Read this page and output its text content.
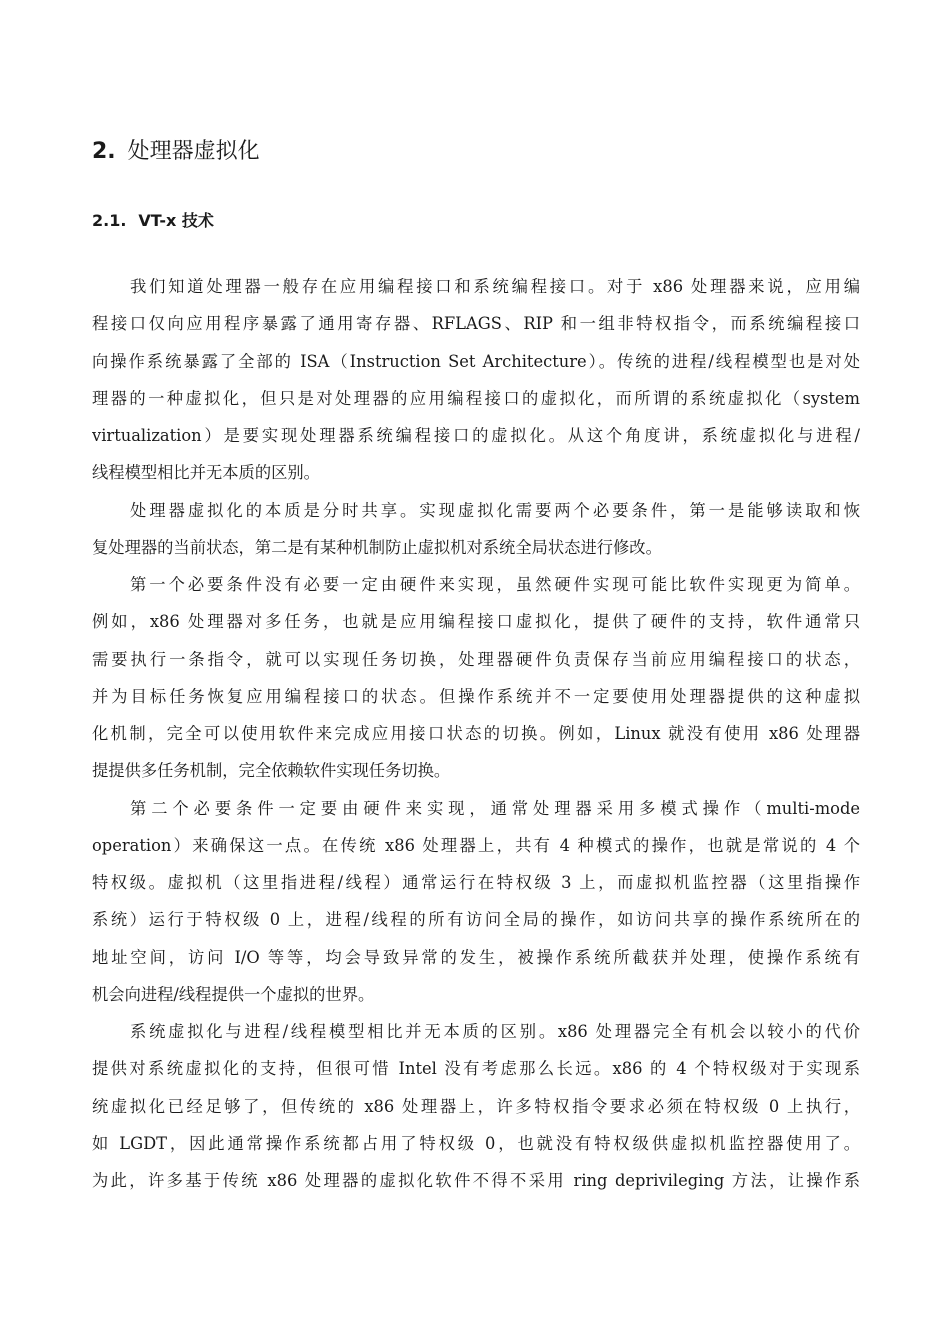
2. 处理器虚拟化
2.1. VT-x 技术
我们知道处理器一般存在应用编程接口和系统编程接口。对于 x86 处理器来说，应用编
程接口仅向应用程序暴露了通用寄存器、RFLAGS、RIP 和一组非特权指令，而系统编程接口
向操作系统暴露了全部的 ISA（Instruction Set Architecture）。传统的进程/线程模型也是对处
理器的一种虚拟化，但只是对处理器的应用编程接口的虚拟化，而所谓的系统虚拟化（system
virtualization）是要实现处理器系统编程接口的虚拟化。从这个角度讲，系统虚拟化与进程/
线程模型相比并无本质的区别。
处理器虚拟化的本质是分时共享。实现虚拟化需要两个必要条件，第一是能够读取和恢
复处理器的当前状态，第二是有某种机制防止虚拟机对系统全局状态进行修改。
第一个必要条件没有必要一定由硬件来实现，虽然硬件实现可能比软件实现更为简单。
例如，x86 处理器对多任务，也就是应用编程接口虚拟化，提供了硬件的支持，软件通常只
需要执行一条指令，就可以实现任务切换，处理器硬件负责保存当前应用编程接口的状态，
并为目标任务恢复应用编程接口的状态。但操作系统并不一定要使用处理器提供的这种虚拟
化机制，完全可以使用软件来完成应用接口状态的切换。例如，Linux 就没有使用 x86 处理器
提提供多任务机制，完全依赖软件实现任务切换。
第二个必要条件一定要由硬件来实现，通常处理器采用多模式操作（multi-mode
operation）来确保这一点。在传统 x86 处理器上，共有 4 种模式的操作，也就是常说的 4 个
特权级。虚拟机（这里指进程/线程）通常运行在特权级 3 上，而虚拟机监控器（这里指操作
系统）运行于特权级 0 上，进程/线程的所有访问全局的操作，如访问共享的操作系统所在的
地址空间，访问 I/O 等等，均会导致异常的发生，被操作系统所截获并处理，使操作系统有
机会向进程/线程提供一个虚拟的世界。
系统虚拟化与进程/线程模型相比并无本质的区别。x86 处理器完全有机会以较小的代价
提供对系统虚拟化的支持，但很可惜 Intel 没有考虑那么长远。x86 的 4 个特权级对于实现系
统虚拟化已经足够了，但传统的 x86 处理器上，许多特权指令要求必须在特权级 0 上执行，
如 LGDT，因此通常操作系统都占用了特权级 0，也就没有特权级供虚拟机监控器使用了。
为此，许多基于传统 x86 处理器的虚拟化软件不得不采用 ring deprivileging 方法，让操作系
